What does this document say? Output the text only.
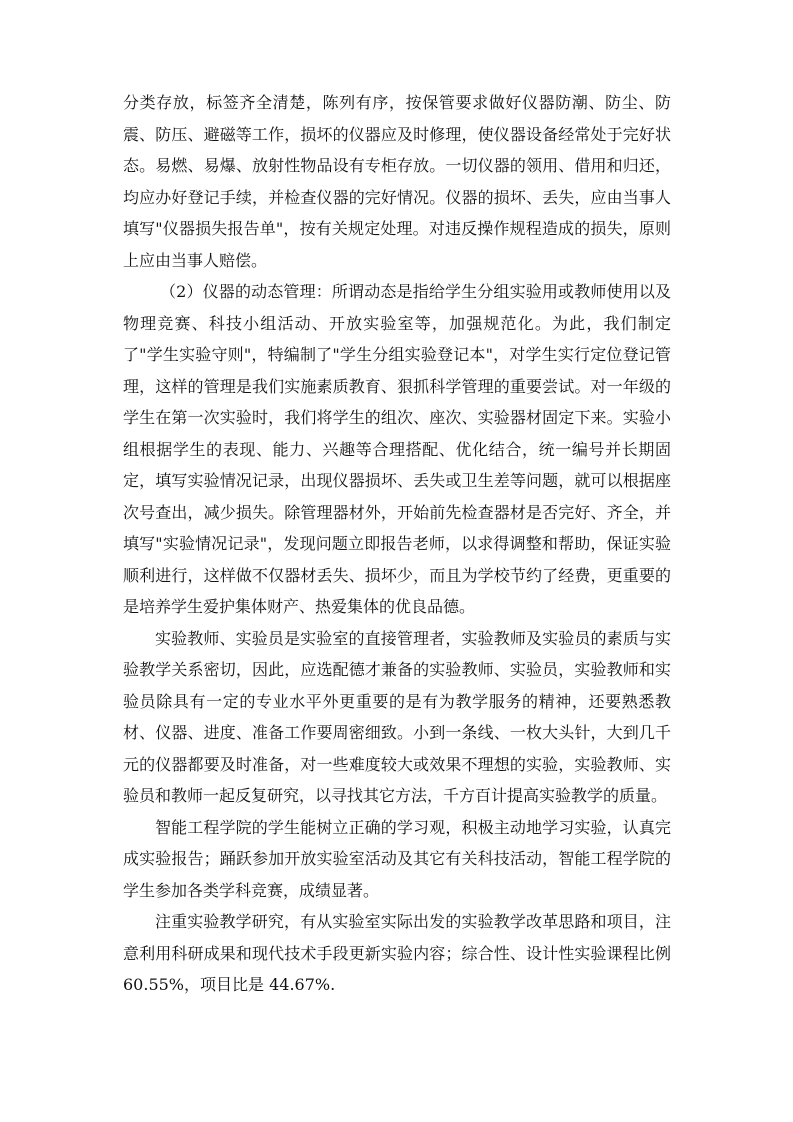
分类存放，标签齐全清楚，陈列有序，按保管要求做好仪器防潮、防尘、防震、防压、避磁等工作，损坏的仪器应及时修理，使仪器设备经常处于完好状态。易燃、易爆、放射性物品设有专柜存放。一切仪器的领用、借用和归还，均应办好登记手续，并检查仪器的完好情况。仪器的损坏、丢失，应由当事人填写"仪器损失报告单"，按有关规定处理。对违反操作规程造成的损失，原则上应由当事人赔偿。

（2）仪器的动态管理：所谓动态是指给学生分组实验用或教师使用以及物理竞赛、科技小组活动、开放实验室等，加强规范化。为此，我们制定了"学生实验守则"，特编制了"学生分组实验登记本"，对学生实行定位登记管理，这样的管理是我们实施素质教育、狠抓科学管理的重要尝试。对一年级的学生在第一次实验时，我们将学生的组次、座次、实验器材固定下来。实验小组根据学生的表现、能力、兴趣等合理搭配、优化结合，统一编号并长期固定，填写实验情况记录，出现仪器损坏、丢失或卫生差等问题，就可以根据座次号查出，减少损失。除管理器材外，开始前先检查器材是否完好、齐全，并填写"实验情况记录"，发现问题立即报告老师，以求得调整和帮助，保证实验顺利进行，这样做不仅器材丢失、损坏少，而且为学校节约了经费，更重要的是培养学生爱护集体财产、热爱集体的优良品德。

实验教师、实验员是实验室的直接管理者，实验教师及实验员的素质与实验教学关系密切，因此，应选配德才兼备的实验教师、实验员，实验教师和实验员除具有一定的专业水平外更重要的是有为教学服务的精神，还要熟悉教材、仪器、进度、准备工作要周密细致。小到一条线、一枚大头针，大到几千元的仪器都要及时准备，对一些难度较大或效果不理想的实验，实验教师、实验员和教师一起反复研究，以寻找其它方法，千方百计提高实验教学的质量。

智能工程学院的学生能树立正确的学习观，积极主动地学习实验，认真完成实验报告；踊跃参加开放实验室活动及其它有关科技活动，智能工程学院的学生参加各类学科竞赛，成绩显著。

注重实验教学研究，有从实验室实际出发的实验教学改革思路和项目，注意利用科研成果和现代技术手段更新实验内容；综合性、设计性实验课程比例60.55%，项目比是 44.67%.
